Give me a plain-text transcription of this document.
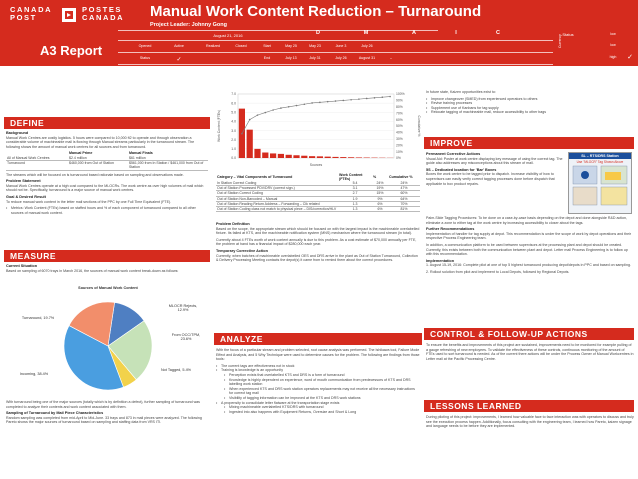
CANADA
POST
POSTES
CANADA
A3 Report
Manual Work Content Reduction – Turnaround
Project Leader: Johnny Gong
August 21, 2016
Opened	Active	Realized	Closed	Start	May 25	May 23	June 3	July 26
Status	✓	End	July 13	July 31	July 26	August 31	–
D	M	A	I	C	Status
Currency
low
low
high	✓
DEFINE
Background

Manual Work Centres are costly logistics. 5 hours were compared to 10,000 ft2 to operate and through observation a considerable volume of machineable mail is flowing through Manual streams particularly in the turnaround stream. The following shows the amount of manual work centres for all sources and from turnaround.

	Manual Prime	Manual Finals
All of Manual Work Centres	$2.4 million	$61 million
Turnaround	$460,000 from Out of Station	$561,000 from In Station / $461,000 from Out of Station

The streams which will be focused on is turnaround based rationale based on sampling and observations made.

Problem Statement

Manual Work Centres operate at a high cost compared to the MLOCRs. The work centre as over high volumes of mail which should not be. Specifically, turnaround is a major source of manual work centres.

Goal & Desired Result

To reduce manual work content in the letter mail sections of the PPC by one Full Time Equivalent (FTE).

• Metrics: Work Content (FTEs) based on staffed hours and % of each component of turnaround compared to all other sources of manual work content.
MEASURE
Current Situation

Based on sampling of 6070 trays in March 2016, the sources of manual work content break-down as follows:

Sources of Manual Work Content
MLOCR Rejects, 12.9%
From OCC/TPM, 23.6%
Not Tagged, 5.4%
Incoming, 38.4%
Turnaround, 19.7%

With turnaround being one of the major sources (totally which is by definition a defect), further sampling of turnaround was completed to analyze their contents and work content associated with them.

Sampling of Turnaround by Mail Piece Characteristics

Random sampling was completed from mid-April to Mid-June. 33 trays and 873 in mail pieces were analyzed. The following Pareto shows the major sources of turnaround based on sampling and staffing data from VRS ITI.

0.0
1.0
2.0
3.0
4.0
5.0
6.0
7.0
0%
10%
20%
30%
40%
50%
60%
70%
80%
90%
100%
Work Content (FTEs)	Cumulative %
Sources
Category – Vital Components of Turnaround	Work Content (FTEs)	%	Cumulative %
In Station Correct Coding	5.4	24%	24%
Out of Station Processed PDV/DRV (correct sign.)	3.1	19%	47%
Out of Station Correct Coding	2.7	15%	60%
Out of Station Non-Barcoded – Manual	1.9	9%	64%
Out of Station Reading Return Address – Forwarding – Clk related	1.3	6%	70%
Out of Station Coding class not match to physical piece – DIS/correction/HLV	1.3	6%	81%
Problem Definition

Based on the scope, the appropriate stream which should be focused on with the largest impact is the machineable overlabelled fixture. Its failed at KTS, and the machineable notification system (MNS) mechanism where the turnaround stream (in total).

Currently about 4 FTEs worth of work content annually is due to this problem. As a cost estimate of $70,000 annually per FTE, the problem at hand has a financial impact of $280,000 each year.

Temporary Corrective Action

Currently, when batches of machineable overlabelled OES and DRS arrive in the plant as Out of Station Turnaround, Collection & Delivery Processing Meeting contacts the depot(s) it came from to remind them about the correct procedures.

ANALYZE

With the focus of a particular stream and problem selected, root cause analysis was performed. The Ishikawa tool, Failure Mode Effect and Analysis, and 5 Why Technique were used to determine causes for the problem. The following are findings from those tools:

• The current tags are effectiveness not in stock
• Training is knowledge is an opportunity
• Perception exists that overlabelled KTS and DRS is a form of turnaround
• Knowledge is highly dependent on experience, word of mouth communication from predecessors of KTS and DRS labelling work station
• When experienced KTS and DRS work station operators replacements may not receive all the necessary instructions for correct tag mail
• Visibility of tagging information can be improved at the KTS and DRS work stations
• A propensity to consolidate letter flatware at the transportation stage exists
• Mixing machineable overlabelled KTS/DRS with turnaround
• Ingested into also happens with Equipment Returns, Oversize and Short & Long

In future state, Kaizen opportunities exist to:

• Improve changeover (SMED) from experienced operators to others
• Revise training processes
• Supplement use of Kanbans for tag supply
• Relocate tagging of machineable mail, reduce accessibility to other bags
IMPROVE
Permanent Corrective Actions

Visual Aid: Poster at work centre displaying key message of using the correct tag. The guide also addresses any misconceptions about this stream of mail.

5S – Dedicated location for 'Bar' Boxes

Boxes the work centre to be tagged prior to dispatch. Increase visibility of how to supervisors can easily verify correct tagging processes done before dispatch that applicable to box product repairs.

SL – RTS/DRS Station
Use "MLOCR" Tag Shown Above

Palm-Slide Tagging Procedures: To be done on a case-by-case basis depending on the depot and done alongside R&D action, eliminate a zone to either tag at the work centre by increasing accessibility to closer about the tags.

Further Recommendations

Implementation of handler for tag supply at depot. This recommendation is under the scope of work by depot operations and their respective Process Engineering team.

In addition, a communication platform to be used between supervisors at the processing plant and depot should be created. Currently, this exists between both the communication between plant and depot. Letter mail Process Engineering is to follow up with this recommendation.

Implementation

1. August 15-19, 2016: Complete pilot at one of top 5 highest turnaround producing depot/depots in PPC and based on sampling.

2. Rollout solution from pilot and implement to Local Depots, followed by Regional Depots.

CONTROL & FOLLOW-UP ACTIONS

To ensure the benefits and improvements of this project are sustained, improvements need to be monitored for example pulling of a gauge refreshing of new employees. To validate the effectiveness of these controls, continuous monitoring of the amount of FTEs used to sort turnaround is needed. As of the current there actions will be under the Process Owner of Manual Workcentres in Letter mail at the Pacific Processing Centre.

LESSONS LEARNED

During piloting of this project: improvements, I learned how valuable face to face interaction was with operators to discuss and truly see the execution process happen. Additionally, focus consulting with the engineering team, I learned how Pareto, kaizen signage and language needs to be before they are implemented.
